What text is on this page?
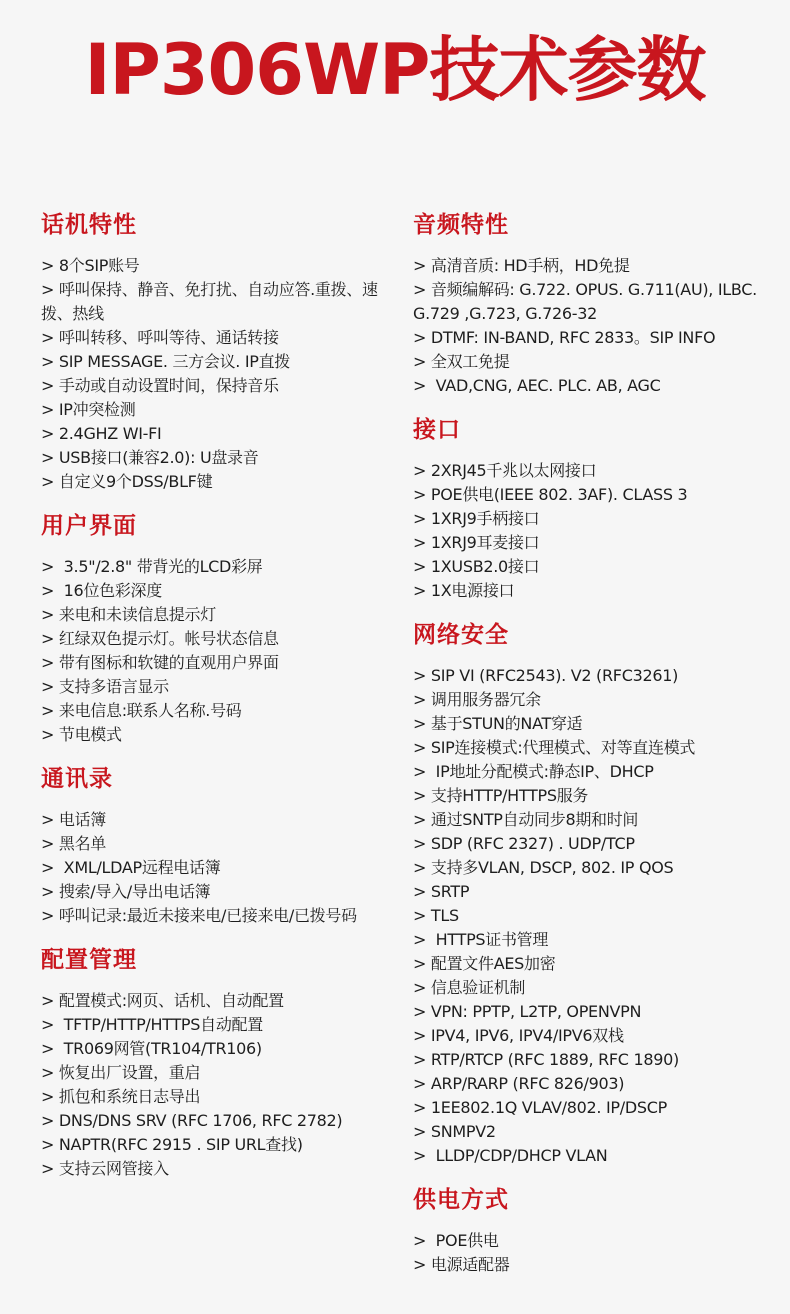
IP306WP技术参数
话机特性
> 8个SIP账号
> 呼叫保持、静音、免打扰、自动应答.重拨、速拨、热线
> 呼叫转移、呼叫等待、通话转接
> SIP MESSAGE. 三方会议. IP直拨
> 手动或自动设置时间，保持音乐
> IP冲突检测
> 2.4GHZ WI-FI
> USB接口(兼容2.0): U盘录音
> 自定义9个DSS/BLF键
用户界面
>  3.5"/2.8" 带背光的LCD彩屏
>  16位色彩深度
> 来电和未读信息提示灯
> 红绿双色提示灯。帐号状态信息
> 带有图标和软键的直观用户界面
> 支持多语言显示
> 来电信息:联系人名称.号码
> 节电模式
通讯录
> 电话簿
> 黑名单
>  XML/LDAP远程电话簿
> 搜索/导入/导出电话簿
> 呼叫记录:最近未接来电/已接来电/已拨号码
配置管理
> 配置模式:网页、话机、自动配置
>  TFTP/HTTP/HTTPS自动配置
>  TR069网管(TR104/TR106)
> 恢复出厂设置，重启
> 抓包和系统日志导出
> DNS/DNS SRV (RFC 1706, RFC 2782)
> NAPTR(RFC 2915 . SIP URL查找)
> 支持云网管接入
音频特性
> 高清音质: HD手柄，HD免提
> 音频编解码: G.722. OPUS. G.711(AU), ILBC. G.729 ,G.723, G.726-32
> DTMF: IN-BAND, RFC 2833。SIP INFO
> 全双工免提
>  VAD,CNG, AEC. PLC. AB, AGC
接口
> 2XRJ45千兆以太网接口
> POE供电(IEEE 802. 3AF). CLASS 3
> 1XRJ9手柄接口
> 1XRJ9耳麦接口
> 1XUSB2.0接口
> 1X电源接口
网络安全
> SIP VI (RFC2543). V2 (RFC3261)
> 调用服务器冗余
> 基于STUN的NAT穿适
> SIP连接模式:代理模式、对等直连模式
>  IP地址分配模式:静态IP、DHCP
> 支持HTTP/HTTPS服务
> 通过SNTP自动同步8期和时间
> SDP (RFC 2327) . UDP/TCP
> 支持多VLAN, DSCP, 802. IP QOS
> SRTP
> TLS
>  HTTPS证书管理
> 配置文件AES加密
> 信息验证机制
> VPN: PPTP, L2TP, OPENVPN
> IPV4, IPV6, IPV4/IPV6双栈
> RTP/RTCP (RFC 1889, RFC 1890)
> ARP/RARP (RFC 826/903)
> 1EE802.1Q VLAV/802. IP/DSCP
> SNMPV2
>  LLDP/CDP/DHCP VLAN
供电方式
>  POE供电
> 电源适配器
